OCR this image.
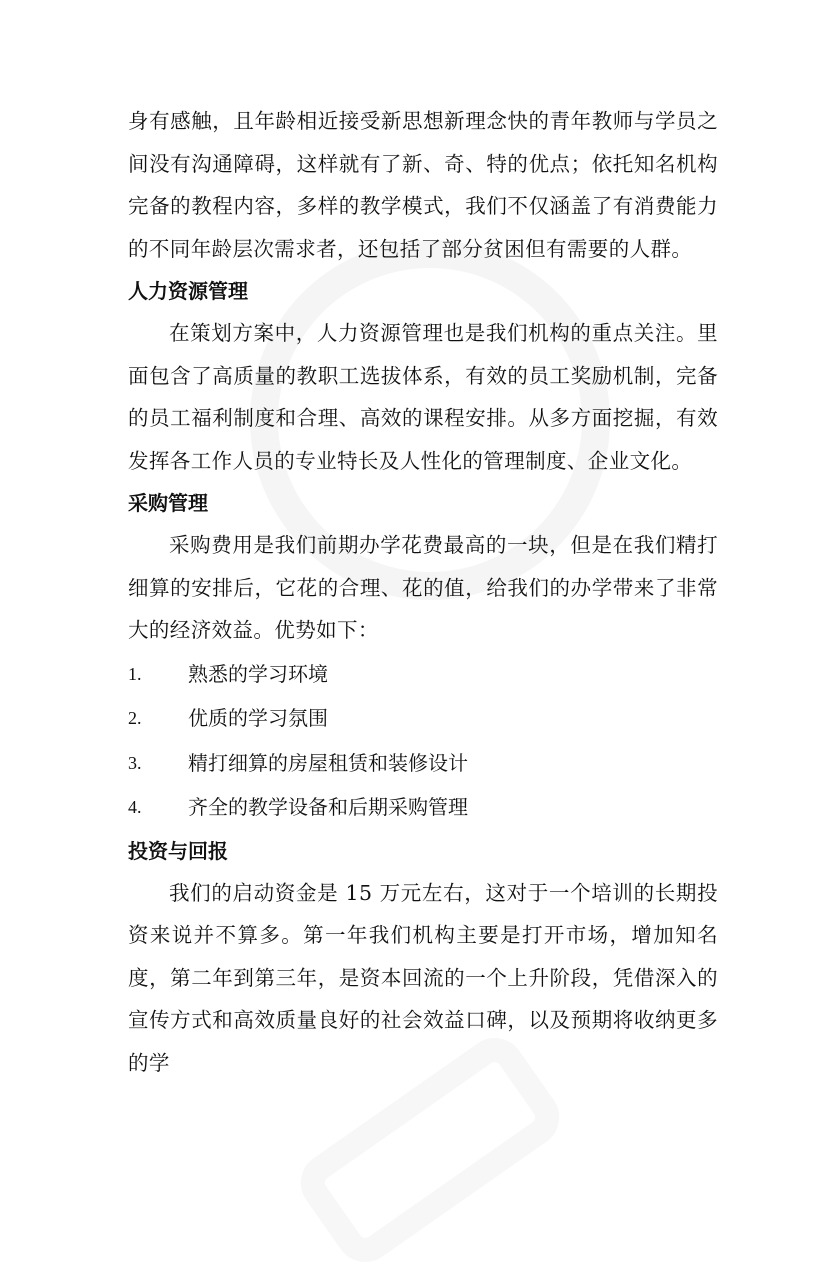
身有感触，且年龄相近接受新思想新理念快的青年教师与学员之间没有沟通障碍，这样就有了新、奇、特的优点；依托知名机构完备的教程内容，多样的教学模式，我们不仅涵盖了有消费能力的不同年龄层次需求者，还包括了部分贫困但有需要的人群。

人力资源管理

在策划方案中，人力资源管理也是我们机构的重点关注。里面包含了高质量的教职工选拔体系，有效的员工奖励机制，完备的员工福利制度和合理、高效的课程安排。从多方面挖掘，有效发挥各工作人员的专业特长及人性化的管理制度、企业文化。

采购管理

采购费用是我们前期办学花费最高的一块，但是在我们精打细算的安排后，它花的合理、花的值，给我们的办学带来了非常大的经济效益。优势如下：

1.	熟悉的学习环境
2.	优质的学习氛围
3.	精打细算的房屋租赁和装修设计
4.	齐全的教学设备和后期采购管理
投资与回报

我们的启动资金是 15 万元左右，这对于一个培训的长期投资来说并不算多。第一年我们机构主要是打开市场，增加知名度，第二年到第三年，是资本回流的一个上升阶段，凭借深入的宣传方式和高效质量良好的社会效益口碑，以及预期将收纳更多的学
